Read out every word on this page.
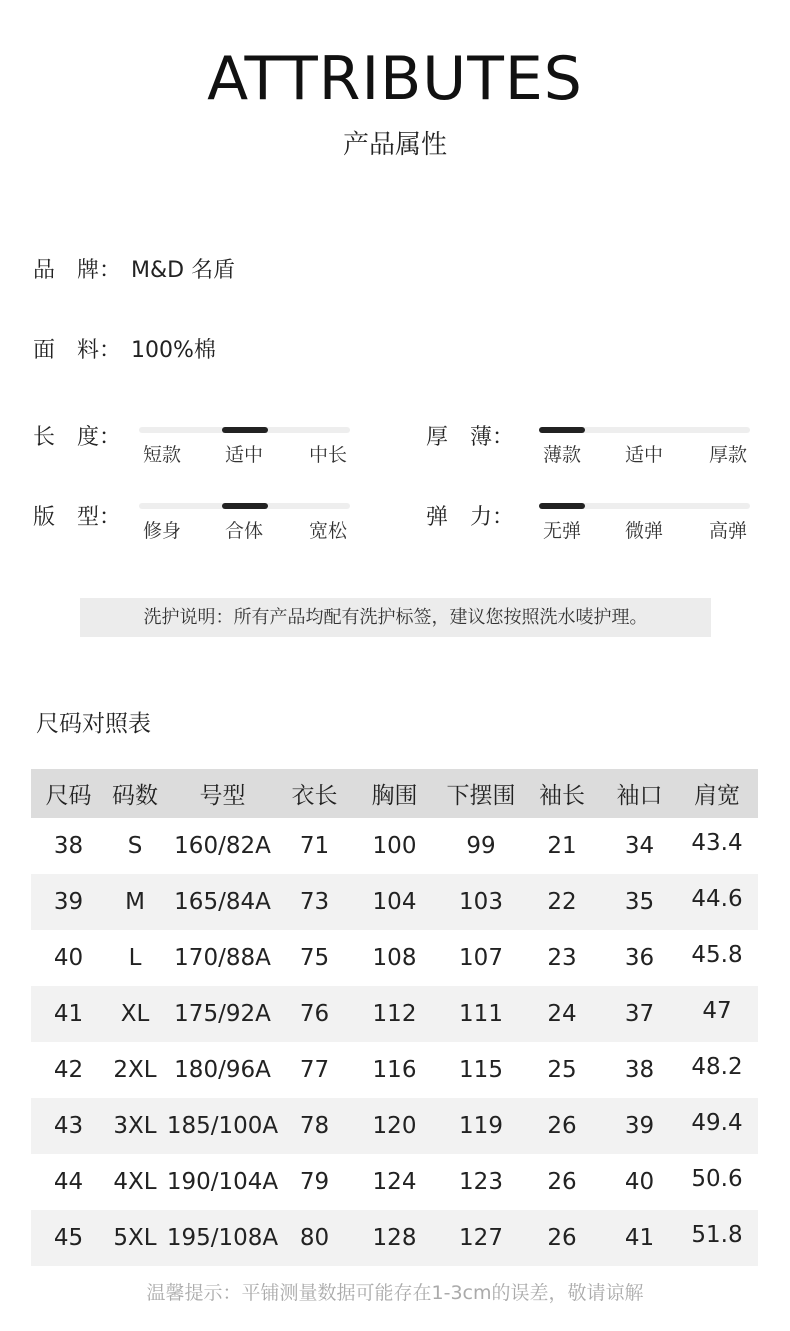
ATTRIBUTES
产品属性
品　牌： M&D 名盾
面　料： 100%棉
长　度：
短款 适中 中长
厚　薄：
薄款 适中 厚款
版　型：
修身 合体 宽松
弹　力：
无弹 微弹 高弹
洗护说明：所有产品均配有洗护标签，建议您按照洗水唛护理。
尺码对照表
尺码 码数	号型	衣长	胸围	下摆围	袖长	袖口	肩宽
38	S	160/82A	71	100	99	21	34	43.4
39	M	165/84A	73	104	103	22	35	44.6
40	L	170/88A	75	108	107	23	36	45.8
41	XL	175/92A	76	112	111	24	37	47
42	2XL 180/96A	77	116	115	25	38	48.2
43	3XL 185/100A 78	120	119	26	39	49.4
44	4XL 190/104A 79	124	123	26	40	50.6
45	5XL 195/108A 80	128	127	26	41	51.8
温馨提示：平铺测量数据可能存在1-3cm的误差，敬请谅解
